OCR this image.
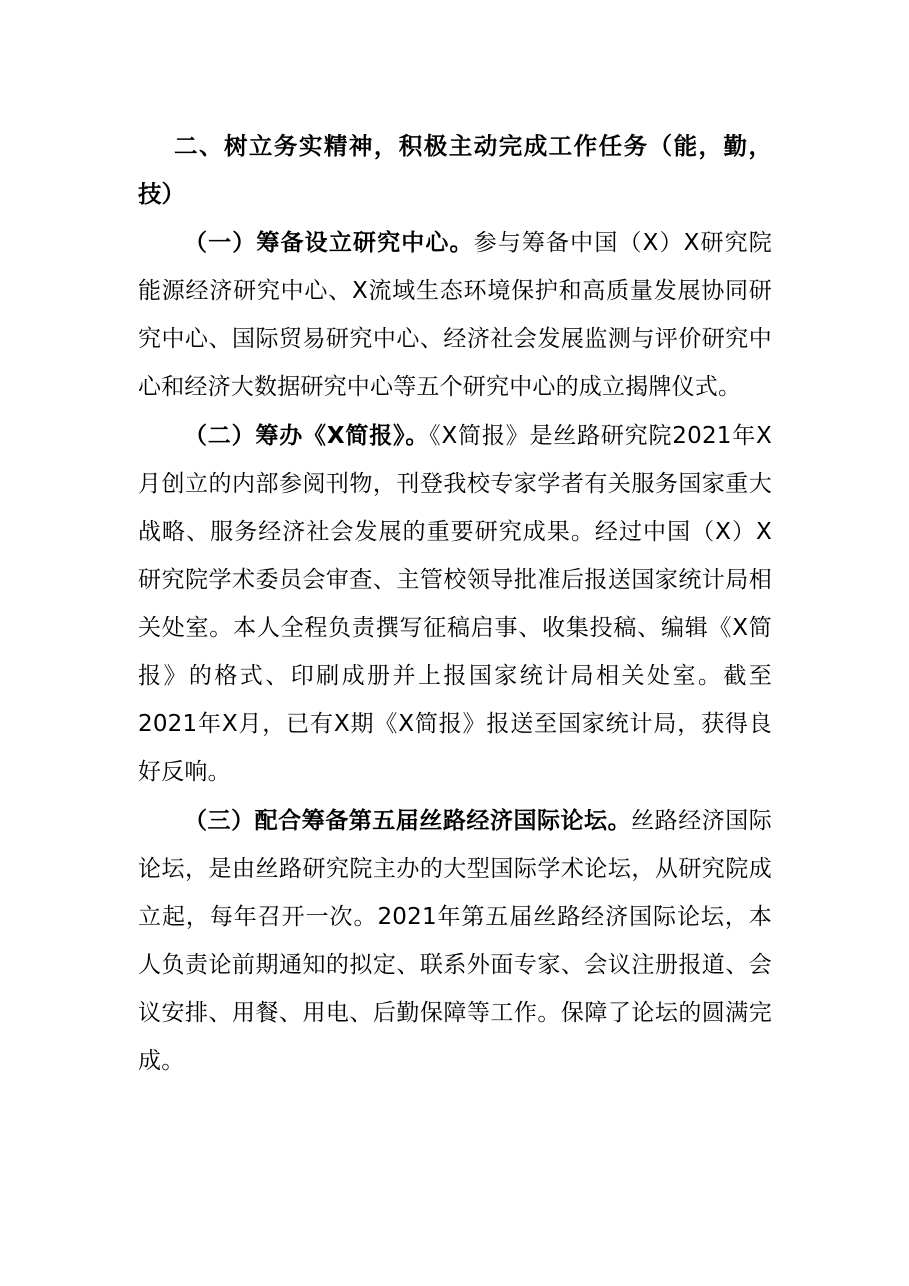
二、树立务实精神，积极主动完成工作任务（能，勤，技）

（一）筹备设立研究中心。参与筹备中国（X）X研究院能源经济研究中心、X流域生态环境保护和高质量发展协同研究中心、国际贸易研究中心、经济社会发展监测与评价研究中心和经济大数据研究中心等五个研究中心的成立揭牌仪式。

（二）筹办《X简报》。《X简报》是丝路研究院2021年X月创立的内部参阅刊物，刊登我校专家学者有关服务国家重大战略、服务经济社会发展的重要研究成果。经过中国（X）X研究院学术委员会审查、主管校领导批准后报送国家统计局相关处室。本人全程负责撰写征稿启事、收集投稿、编辑《X简报》的格式、印刷成册并上报国家统计局相关处室。截至2021年X月，已有X期《X简报》报送至国家统计局，获得良好反响。

（三）配合筹备第五届丝路经济国际论坛。丝路经济国际论坛，是由丝路研究院主办的大型国际学术论坛，从研究院成立起，每年召开一次。2021年第五届丝路经济国际论坛，本人负责论前期通知的拟定、联系外面专家、会议注册报道、会议安排、用餐、用电、后勤保障等工作。保障了论坛的圆满完成。
